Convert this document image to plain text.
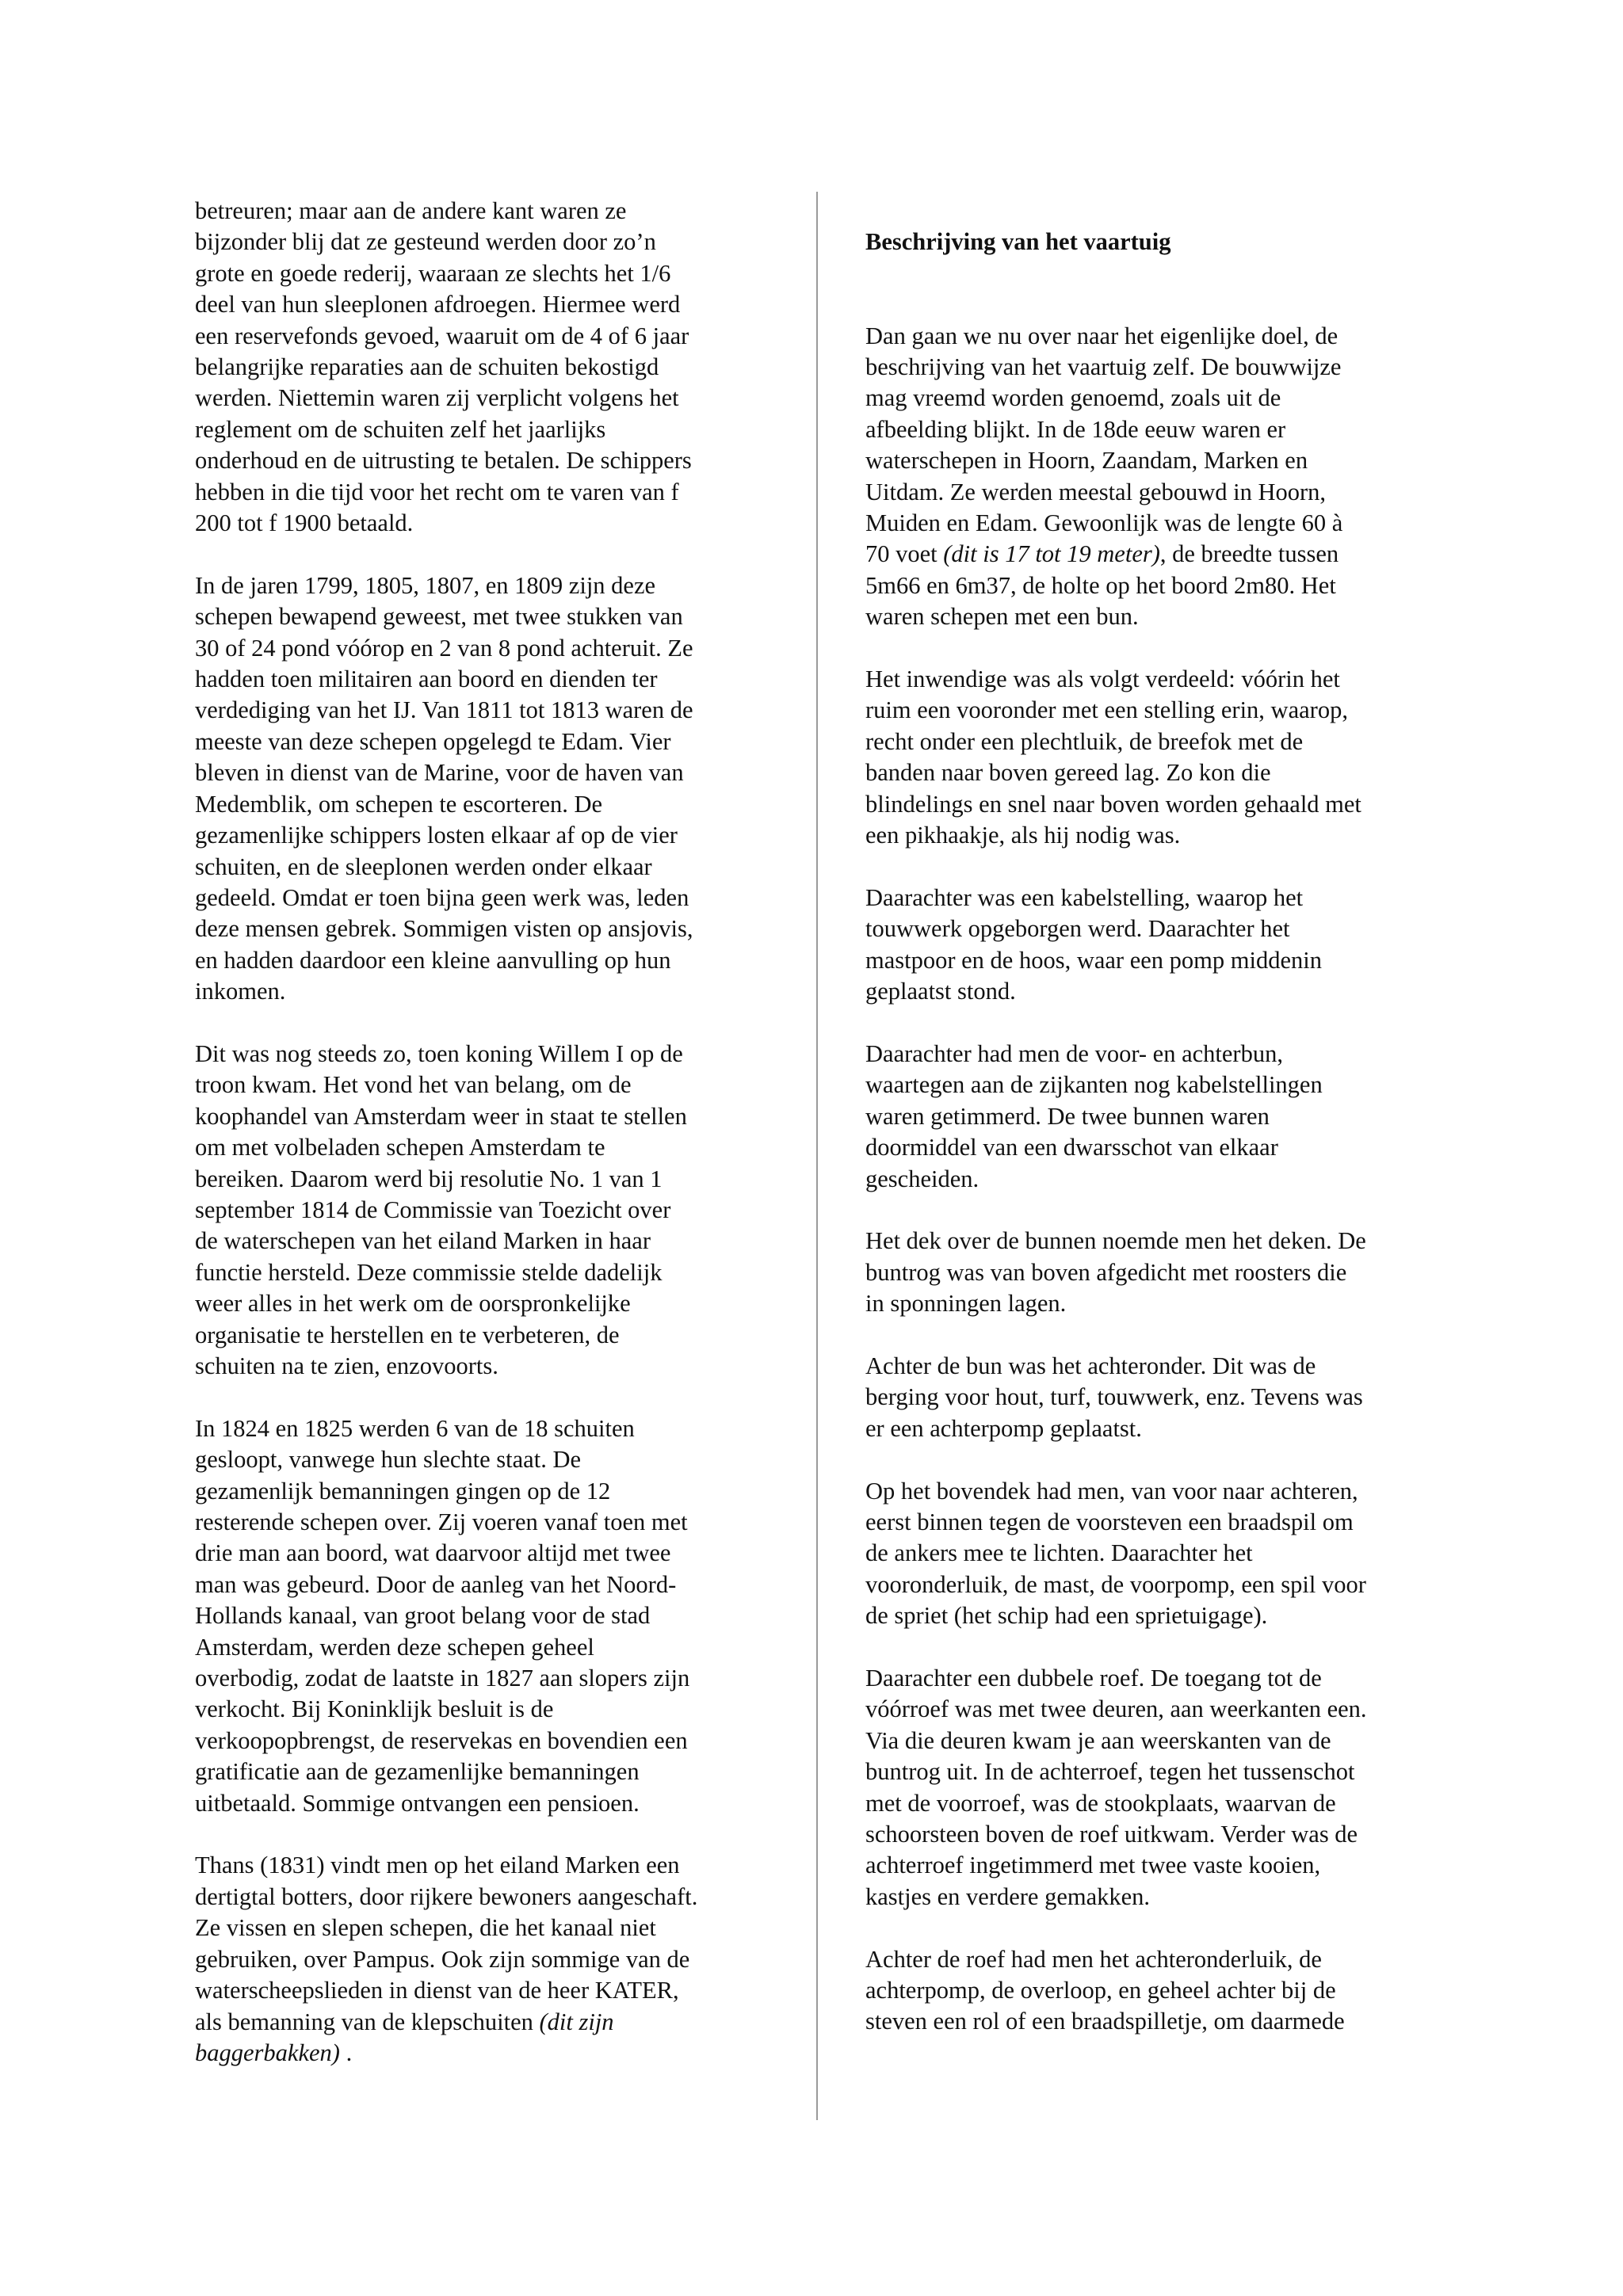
betreuren; maar aan de andere kant waren ze
bijzonder blij dat ze gesteund werden door zo’n
grote en goede rederij, waaraan ze slechts het 1/6
deel van hun sleeplonen afdroegen. Hiermee werd
een reservefonds gevoed, waaruit om de 4 of 6 jaar
belangrijke reparaties aan de schuiten bekostigd
werden. Niettemin waren zij verplicht volgens het
reglement om de schuiten zelf het jaarlijks
onderhoud en de uitrusting te betalen. De schippers
hebben in die tijd voor het recht om te varen van f
200 tot f 1900 betaald.
In de jaren 1799, 1805, 1807, en 1809 zijn deze
schepen bewapend geweest, met twee stukken van
30 of 24 pond vóórop en 2 van 8 pond achteruit. Ze
hadden toen militairen aan boord en dienden ter
verdediging van het IJ. Van 1811 tot 1813 waren de
meeste van deze schepen opgelegd te Edam. Vier
bleven in dienst van de Marine, voor de haven van
Medemblik, om schepen te escorteren. De
gezamenlijke schippers losten elkaar af op de vier
schuiten, en de sleeplonen werden onder elkaar
gedeeld. Omdat er toen bijna geen werk was, leden
deze mensen gebrek. Sommigen visten op ansjovis,
en hadden daardoor een kleine aanvulling op hun
inkomen.
Dit was nog steeds zo, toen koning Willem I op de
troon kwam. Het vond het van belang, om de
koophandel van Amsterdam weer in staat te stellen
om met volbeladen schepen Amsterdam te
bereiken. Daarom werd bij resolutie No. 1 van 1
september 1814 de Commissie van Toezicht over
de waterschepen van het eiland Marken in haar
functie hersteld. Deze commissie stelde dadelijk
weer alles in het werk om de oorspronkelijke
organisatie te herstellen en te verbeteren, de
schuiten na te zien, enzovoorts.
In 1824 en 1825 werden 6 van de 18 schuiten
gesloopt, vanwege hun slechte staat. De
gezamenlijk bemanningen gingen op de 12
resterende schepen over. Zij voeren vanaf toen met
drie man aan boord, wat daarvoor altijd met twee
man was gebeurd. Door de aanleg van het Noord-
Hollands kanaal, van groot belang voor de stad
Amsterdam, werden deze schepen geheel
overbodig, zodat de laatste in 1827 aan slopers zijn
verkocht. Bij Koninklijk besluit is de
verkoopopbrengst, de reservekas en bovendien een
gratificatie aan de gezamenlijke bemanningen
uitbetaald. Sommige ontvangen een pensioen.
Thans (1831) vindt men op het eiland Marken een
dertigtal botters, door rijkere bewoners aangeschaft.
Ze vissen en slepen schepen, die het kanaal niet
gebruiken, over Pampus. Ook zijn sommige van de
waterscheepslieden in dienst van de heer KATER,
als bemanning van de klepschuiten (dit zijn
baggerbakken) .
Beschrijving van het vaartuig
Dan gaan we nu over naar het eigenlijke doel, de
beschrijving van het vaartuig zelf. De bouwwijze
mag vreemd worden genoemd, zoals uit de
afbeelding blijkt. In de 18de eeuw waren er
waterschepen in Hoorn, Zaandam, Marken en
Uitdam. Ze werden meestal gebouwd in Hoorn,
Muiden en Edam. Gewoonlijk was de lengte 60 à
70 voet (dit is 17 tot 19 meter), de breedte tussen
5m66 en 6m37, de holte op het boord 2m80. Het
waren schepen met een bun.
Het inwendige was als volgt verdeeld: vóórin het
ruim een vooronder met een stelling erin, waarop,
recht onder een plechtluik, de breefok met de
banden naar boven gereed lag. Zo kon die
blindelings en snel naar boven worden gehaald met
een pikhaakje, als hij nodig was.
Daarachter was een kabelstelling, waarop het
touwwerk opgeborgen werd. Daarachter het
mastpoor en de hoos, waar een pomp middenin
geplaatst stond.
Daarachter had men de voor- en achterbun,
waartegen aan de zijkanten nog kabelstellingen
waren getimmerd. De twee bunnen waren
doormiddel van een dwarsschot van elkaar
gescheiden.
Het dek over de bunnen noemde men het deken. De
buntrog was van boven afgedicht met roosters die
in sponningen lagen.
Achter de bun was het achteronder. Dit was de
berging voor hout, turf, touwwerk, enz. Tevens was
er een achterpomp geplaatst.
Op het bovendek had men, van voor naar achteren,
eerst binnen tegen de voorsteven een braadspil om
de ankers mee te lichten. Daarachter het
vooronderluik, de mast, de voorpomp, een spil voor
de spriet (het schip had een sprietuigage).
Daarachter een dubbele roef. De toegang tot de
vóórroef was met twee deuren, aan weerkanten een.
Via die deuren kwam je aan weerskanten van de
buntrog uit. In de achterroef, tegen het tussenschot
met de voorroef, was de stookplaats, waarvan de
schoorsteen boven de roef uitkwam. Verder was de
achterroef ingetimmerd met twee vaste kooien,
kastjes en verdere gemakken.
Achter de roef had men het achteronderluik, de
achterpomp, de overloop, en geheel achter bij de
steven een rol of een braadspilletje, om daarmede
